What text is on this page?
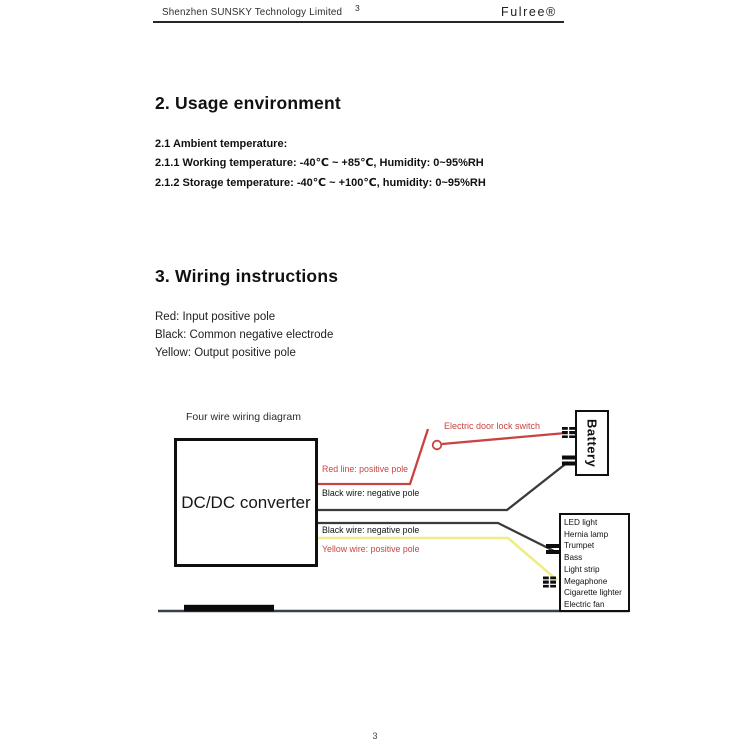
Shenzhen SUNSKY Technology Limited 3	Fulree®
2. Usage environment
2.1 Ambient temperature:
2.1.1 Working temperature: -40℃ ~ +85℃, Humidity: 0~95%RH
2.1.2 Storage temperature: -40℃ ~ +100℃, humidity: 0~95%RH
3. Wiring instructions
Red: Input positive pole
Black: Common negative electrode
Yellow: Output positive pole
Four wire wiring diagram
DC/DC converter
Battery
LED light
Hernia lamp
Trumpet
Bass
Light strip
Megaphone
Cigarette lighter
Electric fan
Electric door lock switch
Red line: positive pole
Black wire: negative pole
Black wire: negative pole
Yellow wire: positive pole
3
